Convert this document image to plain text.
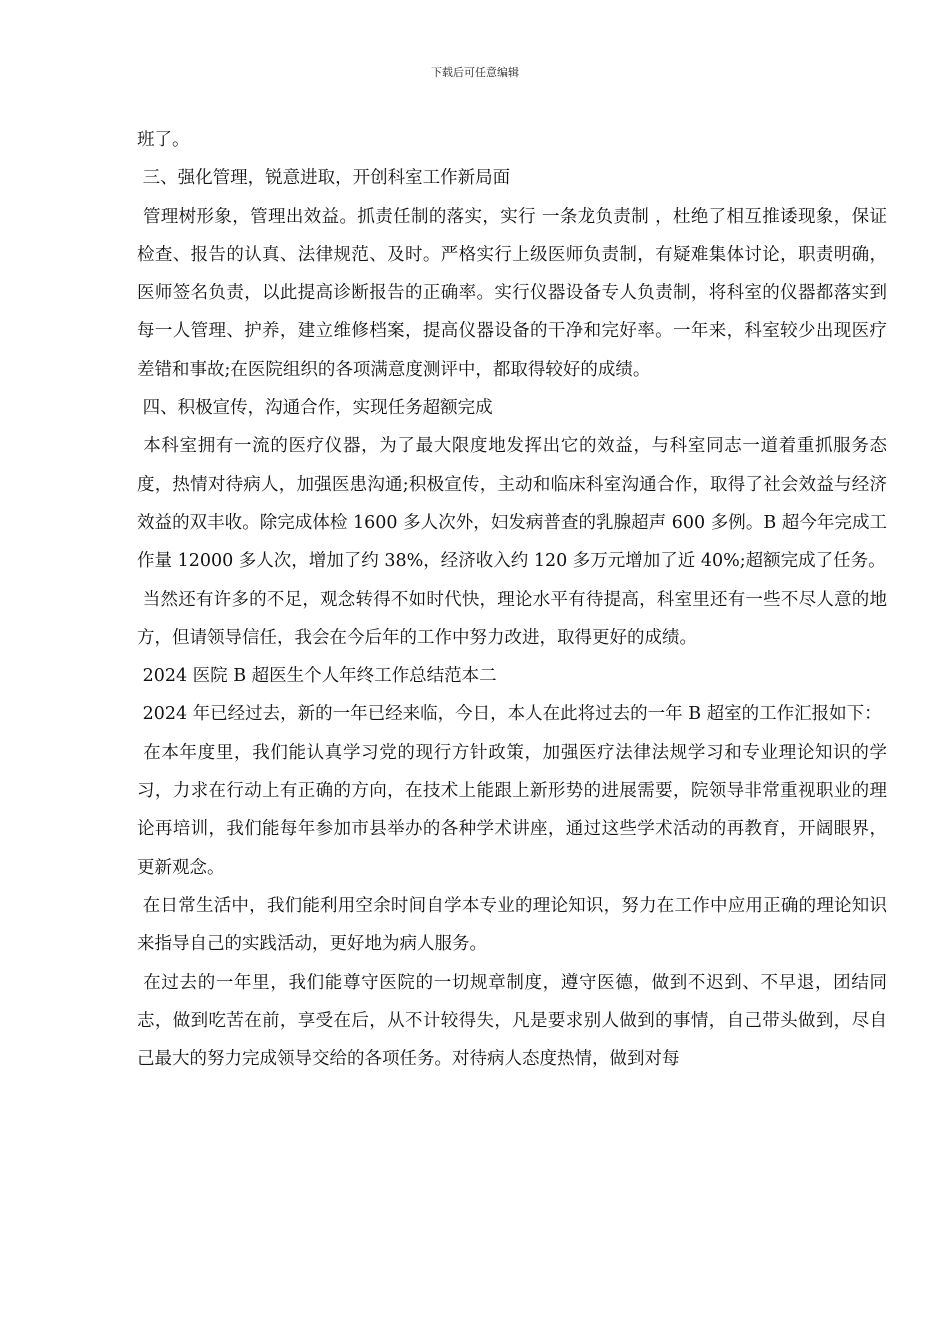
下载后可任意编辑

班了。

三、强化管理，锐意进取，开创科室工作新局面

管理树形象，管理出效益。抓责任制的落实，实行 一条龙负责制 ，杜绝了相互推诿现象，保证检查、报告的认真、法律规范、及时。严格实行上级医师负责制，有疑难集体讨论，职责明确，医师签名负责，以此提高诊断报告的正确率。实行仪器设备专人负责制，将科室的仪器都落实到每一人管理、护养，建立维修档案，提高仪器设备的干净和完好率。一年来，科室较少出现医疗差错和事故;在医院组织的各项满意度测评中，都取得较好的成绩。

四、积极宣传，沟通合作，实现任务超额完成

本科室拥有一流的医疗仪器，为了最大限度地发挥出它的效益，与科室同志一道着重抓服务态度，热情对待病人，加强医患沟通;积极宣传，主动和临床科室沟通合作，取得了社会效益与经济效益的双丰收。除完成体检 1600 多人次外，妇发病普查的乳腺超声 600 多例。B 超今年完成工作量 12000 多人次，增加了约 38%，经济收入约 120 多万元增加了近 40%;超额完成了任务。

当然还有许多的不足，观念转得不如时代快，理论水平有待提高，科室里还有一些不尽人意的地方，但请领导信任，我会在今后年的工作中努力改进，取得更好的成绩。

2024 医院 B 超医生个人年终工作总结范本二

2024 年已经过去，新的一年已经来临，今日，本人在此将过去的一年 B 超室的工作汇报如下：

在本年度里，我们能认真学习党的现行方针政策，加强医疗法律法规学习和专业理论知识的学习，力求在行动上有正确的方向，在技术上能跟上新形势的进展需要，院领导非常重视职业的理论再培训，我们能每年参加市县举办的各种学术讲座，通过这些学术活动的再教育，开阔眼界，更新观念。

在日常生活中，我们能利用空余时间自学本专业的理论知识，努力在工作中应用正确的理论知识来指导自己的实践活动，更好地为病人服务。

在过去的一年里，我们能尊守医院的一切规章制度，遵守医德，做到不迟到、不早退，团结同志，做到吃苦在前，享受在后，从不计较得失，凡是要求别人做到的事情，自己带头做到，尽自己最大的努力完成领导交给的各项任务。对待病人态度热情，做到对每
